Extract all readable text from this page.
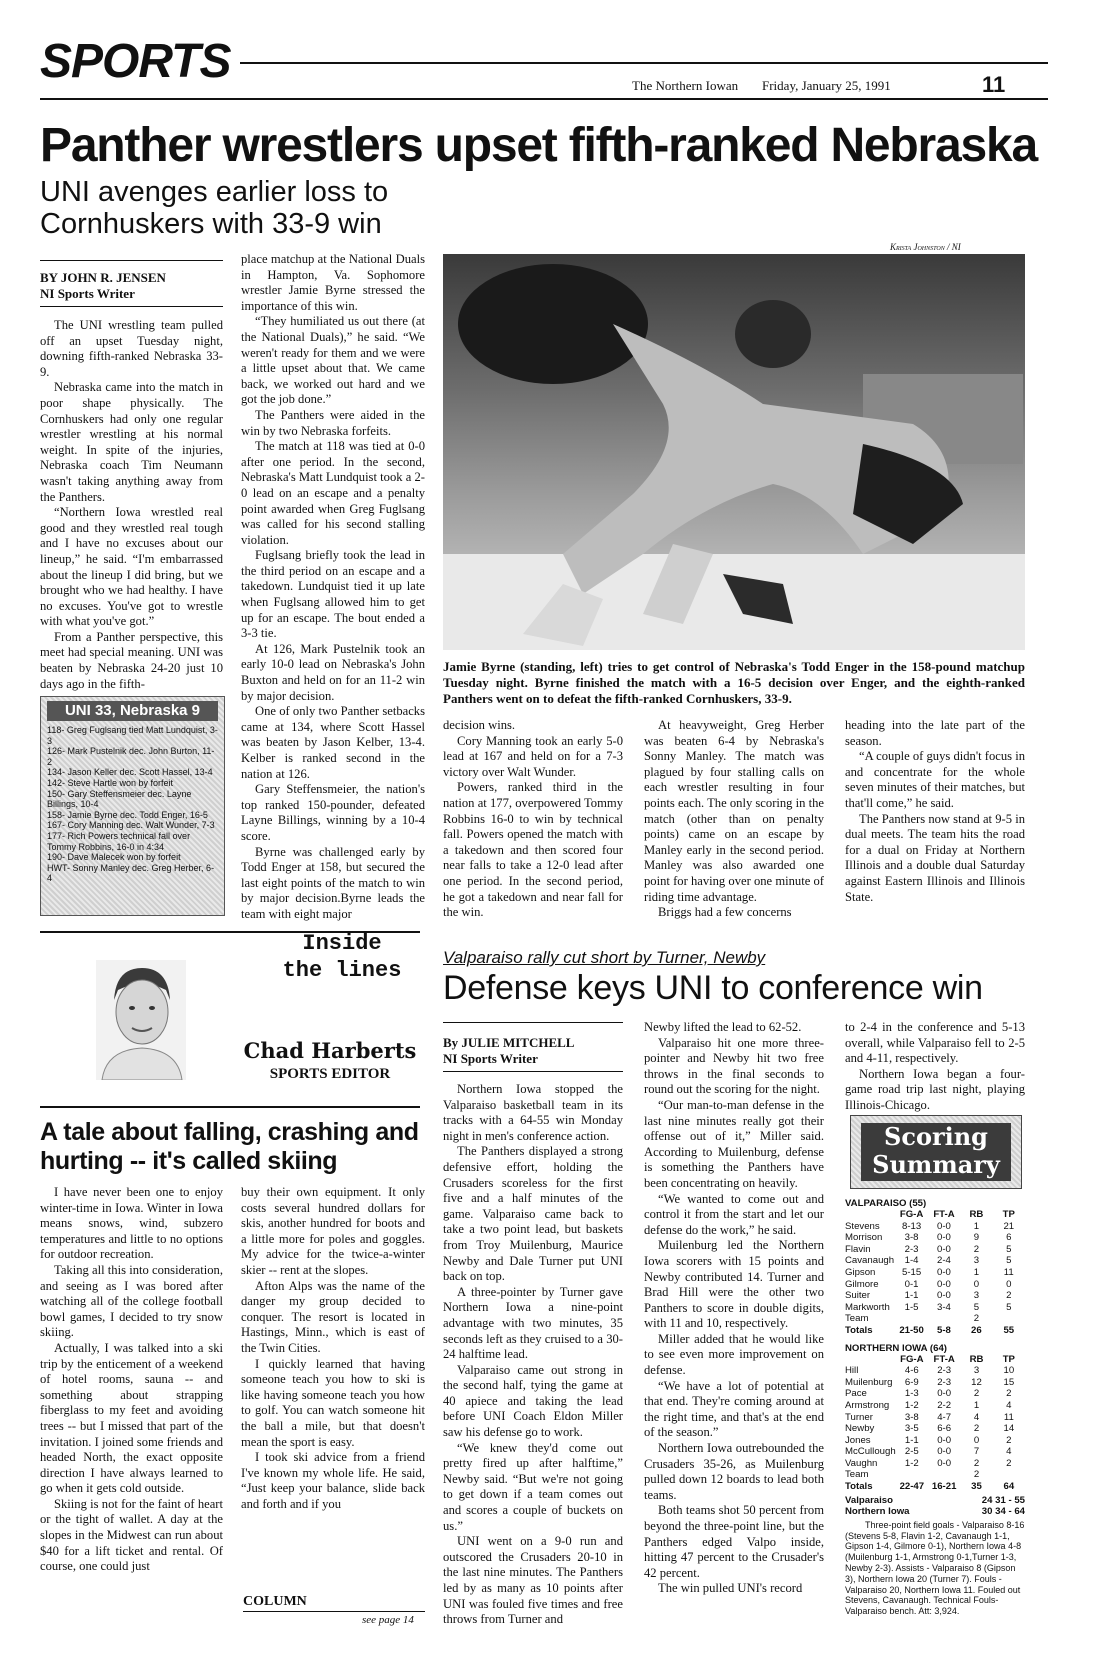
SPORTS	The Northern Iowan Friday, January 25, 1991	11
Panther wrestlers upset fifth-ranked Nebraska
UNI avenges earlier loss to Cornhuskers with 33-9 win
BY JOHN R. JENSEN
NI Sports Writer

The UNI wrestling team pulled off an upset Tuesday night, downing fifth-ranked Nebraska 33-9.

Nebraska came into the match in poor shape physically. The Cornhuskers had only one regular wrestler wrestling at his normal weight. In spite of the injuries, Nebraska coach Tim Neumann wasn't taking anything away from the Panthers.

“Northern Iowa wrestled real good and they wrestled real tough and I have no excuses about our lineup,” he said. “I'm embarrassed about the lineup I did bring, but we brought who we had healthy. I have no excuses. You've got to wrestle with what you've got.”

From a Panther perspective, this meet had special meaning. UNI was beaten by Nebraska 24-20 just 10 days ago in the fifth-

UNI 33, Nebraska 9
118- Greg Fuglsang tied Matt Lundquist, 3-3
126- Mark Pustelnik dec. John Burton, 11-2
134- Jason Keller dec. Scott Hassel, 13-4
142- Steve Hartle won by forfeit
150- Gary Steffensmeier dec. Layne Billings, 10-4
158- Jamie Byrne dec. Todd Enger, 16-5
167- Cory Manning dec. Walt Wunder, 7-3
177- Rich Powers technical fall over Tommy Robbins, 16-0 in 4:34
190- Dave Malecek won by forfeit
HWT- Sonny Manley dec. Greg Herber, 6-4

place matchup at the National Duals in Hampton, Va. Sophomore wrestler Jamie Byrne stressed the importance of this win.

“They humiliated us out there (at the National Duals),” he said. “We weren't ready for them and we were a little upset about that. We came back, we worked out hard and we got the job done.”

The Panthers were aided in the win by two Nebraska forfeits.

The match at 118 was tied at 0-0 after one period. In the second, Nebraska's Matt Lundquist took a 2-0 lead on an escape and a penalty point awarded when Greg Fuglsang was called for his second stalling violation.

Fuglsang briefly took the lead in the third period on an escape and a takedown. Lundquist tied it up late when Fuglsang allowed him to get up for an escape. The bout ended a 3-3 tie.

At 126, Mark Pustelnik took an early 10-0 lead on Nebraska's John Buxton and held on for an 11-2 win by major decision.

One of only two Panther setbacks came at 134, where Scott Hassel was beaten by Jason Kelber, 13-4. Kelber is ranked second in the nation at 126.

Gary Steffensmeier, the nation's top ranked 150-pounder, defeated Layne Billings, winning by a 10-4 score.

Byrne was challenged early by Todd Enger at 158, but secured the last eight points of the match to win by major decision.Byrne leads the team with eight major

Krista Johnston / NI
Jamie Byrne (standing, left) tries to get control of Nebraska's Todd Enger in the 158-pound matchup Tuesday night. Byrne finished the match with a 16-5 decision over Enger, and the eighth-ranked Panthers went on to defeat the fifth-ranked Cornhuskers, 33-9.

decision wins.

Cory Manning took an early 5-0 lead at 167 and held on for a 7-3 victory over Walt Wunder.

Powers, ranked third in the nation at 177, overpowered Tommy Robbins 16-0 to win by technical fall. Powers opened the match with a takedown and then scored four near falls to take a 12-0 lead after one period. In the second period, he got a takedown and near fall for the win.

At heavyweight, Greg Herber was beaten 6-4 by Nebraska's Sonny Manley. The match was plagued by four stalling calls on each wrestler resulting in four points each. The only scoring in the match (other than on penalty points) came on an escape by Manley early in the second period. Manley was also awarded one point for having over one minute of riding time advantage.

Briggs had a few concerns

heading into the late part of the season.

“A couple of guys didn't focus in and concentrate for the whole seven minutes of their matches, but that'll come,” he said.

The Panthers now stand at 9-5 in dual meets. The team hits the road for a dual on Friday at Northern Illinois and a double dual Saturday against Eastern Illinois and Illinois State.

Inside the lines
Chad Harberts
SPORTS EDITOR
A tale about falling, crashing and hurting -- it's called skiing

I have never been one to enjoy winter-time in Iowa. Winter in Iowa means snows, wind, subzero temperatures and little to no options for outdoor recreation.

Taking all this into consideration, and seeing as I was bored after watching all of the college football bowl games, I decided to try snow skiing.

Actually, I was talked into a ski trip by the enticement of a weekend of hotel rooms, sauna -- and something about strapping fiberglass to my feet and avoiding trees -- but I missed that part of the invitation. I joined some friends and headed North, the exact opposite direction I have always learned to go when it gets cold outside.

Skiing is not for the faint of heart or the tight of wallet. A day at the slopes in the Midwest can run about $40 for a lift ticket and rental. Of course, one could just

buy their own equipment. It only costs several hundred dollars for skis, another hundred for boots and a little more for poles and goggles. My advice for the twice-a-winter skier -- rent at the slopes.

Afton Alps was the name of the danger my group decided to conquer. The resort is located in Hastings, Minn., which is east of the Twin Cities.

I quickly learned that having someone teach you how to ski is like having someone teach you how to golf. You can watch someone hit the ball a mile, but that doesn't mean the sport is easy.

I took ski advice from a friend I've known my whole life. He said, “Just keep your balance, slide back and forth and if you

COLUMN
see page 14
Valparaiso rally cut short by Turner, Newby
Defense keys UNI to conference win
By JULIE MITCHELL
NI Sports Writer

Northern Iowa stopped the Valparaiso basketball team in its tracks with a 64-55 win Monday night in men's conference action.

The Panthers displayed a strong defensive effort, holding the Crusaders scoreless for the first five and a half minutes of the game. Valparaiso came back to take a two point lead, but baskets from Troy Muilenburg, Maurice Newby and Dale Turner put UNI back on top.

A three-pointer by Turner gave Northern Iowa a nine-point advantage with two minutes, 35 seconds left as they cruised to a 30-24 halftime lead.

Valparaiso came out strong in the second half, tying the game at 40 apiece and taking the lead before UNI Coach Eldon Miller saw his defense go to work.

“We knew they'd come out pretty fired up after halftime,” Newby said. “But we're not going to get down if a team comes out and scores a couple of buckets on us.”

UNI went on a 9-0 run and outscored the Crusaders 20-10 in the last nine minutes. The Panthers led by as many as 10 points after UNI was fouled five times and free throws from Turner and

Newby lifted the lead to 62-52.

Valparaiso hit one more three-pointer and Newby hit two free throws in the final seconds to round out the scoring for the night.

“Our man-to-man defense in the last nine minutes really got their offense out of it,” Miller said. According to Muilenburg, defense is something the Panthers have been concentrating on heavily.

“We wanted to come out and control it from the start and let our defense do the work,” he said.

Muilenburg led the Northern Iowa scorers with 15 points and Newby contributed 14. Turner and Brad Hill were the other two Panthers to score in double digits, with 11 and 10, respectively.

Miller added that he would like to see even more improvement on defense.

“We have a lot of potential at that end. They're coming around at the right time, and that's at the end of the season.”

Northern Iowa outrebounded the Crusaders 35-26, as Muilenburg pulled down 12 boards to lead both teams.

Both teams shot 50 percent from beyond the three-point line, but the Panthers edged Valpo inside, hitting 47 percent to the Crusader's 42 percent.

The win pulled UNI's record

to 2-4 in the conference and 5-13 overall, while Valparaiso fell to 2-5 and 4-11, respectively.

Northern Iowa began a four-game road trip last night, playing Illinois-Chicago.

Scoring
Summary
VALPARAISO (55)
	FG-A	FT-A	RB	TP
Stevens	8-13	0-0	1	21
Morrison	3-8	0-0	9	6
Flavin	2-3	0-0	2	5
Cavanaugh	1-4	2-4	3	5
Gipson	5-15	0-0	1	11
Gilmore	0-1	0-0	0	0
Suiter	1-1	0-0	3	2
Markworth	1-5	3-4	5	5
Team			2	
Totals	21-50	5-8	26	55
NORTHERN IOWA (64)
	FG-A	FT-A	RB	TP
Hill	4-6	2-3	3	10
Muilenburg	6-9	2-3	12	15
Pace	1-3	0-0	2	2
Armstrong	1-2	2-2	1	4
Turner	3-8	4-7	4	11
Newby	3-5	6-6	2	14
Jones	1-1	0-0	0	2
McCullough	2-5	0-0	7	4
Vaughn	1-2	0-0	2	2
Team			2	
Totals	22-47	16-21	35	64
Valparaiso	24 31 - 55
Northern Iowa	30 34 - 64
Three-point field goals - Valparaiso 8-16 (Stevens 5-8, Flavin 1-2, Cavanaugh 1-1, Gipson 1-4, Gilmore 0-1), Northern Iowa 4-8 (Muilenburg 1-1, Armstrong 0-1,Turner 1-3, Newby 2-3). Assists - Valparaiso 8 (Gipson 3), Northern Iowa 20 (Turner 7). Fouls - Valparaiso 20, Northern Iowa 11. Fouled out Stevens, Cavanaugh. Technical Fouls- Valparaiso bench. Att: 3,924.
